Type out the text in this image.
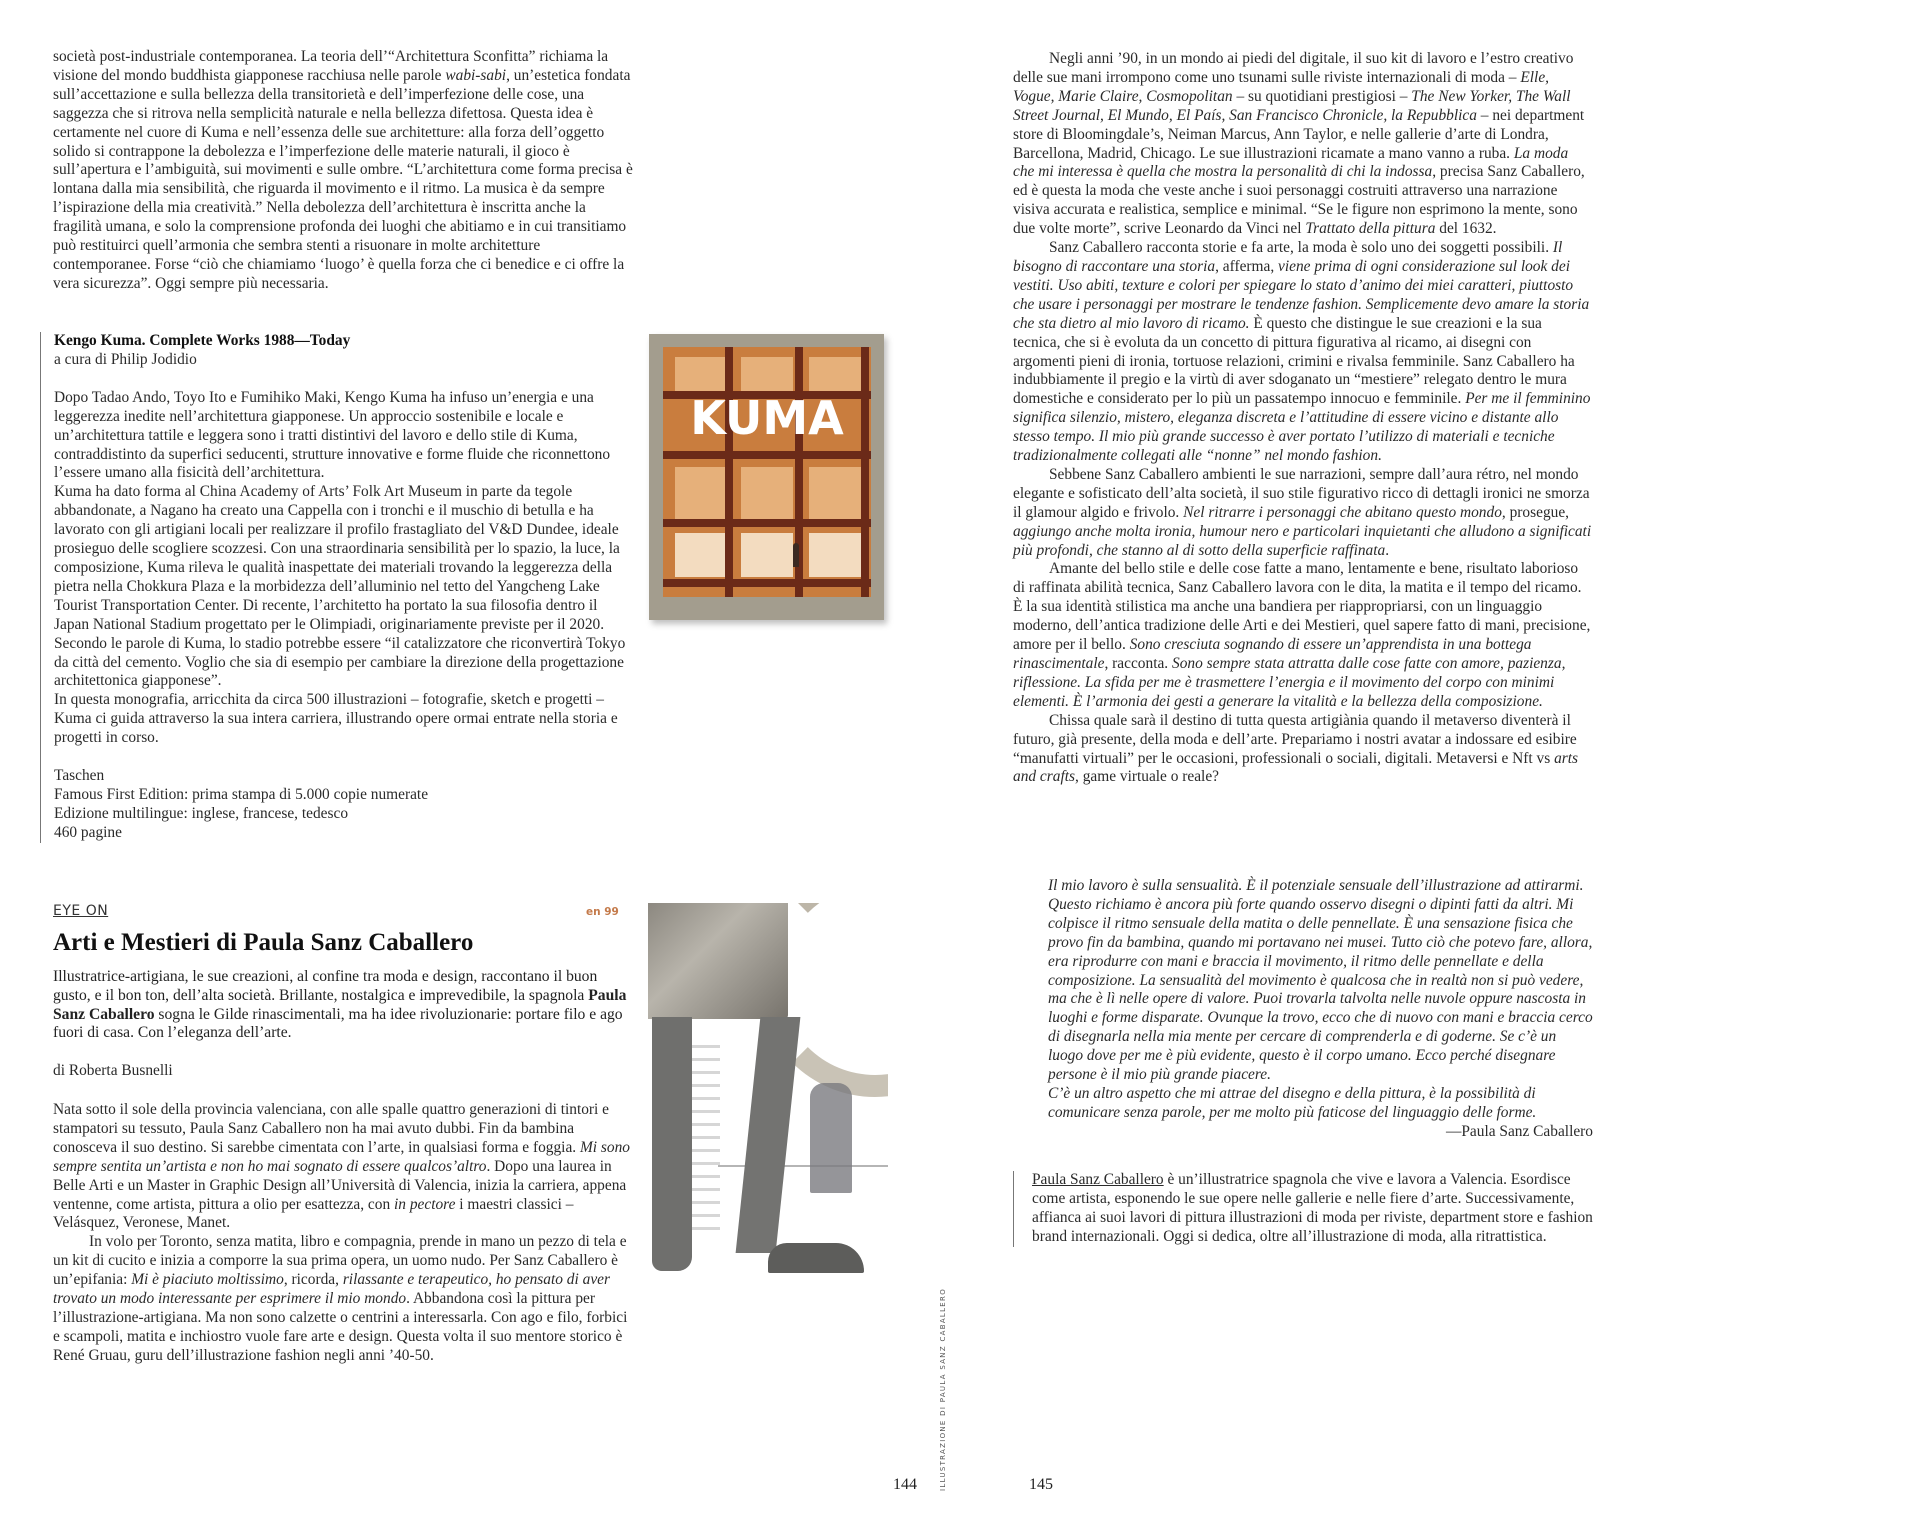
società post-industriale contemporanea. La teoria dell’“Architettura Sconfitta” richiama la visione del mondo buddhista giapponese racchiusa nelle parole wabi-sabi, un’estetica fondata sull’accettazione e sulla bellezza della transitorietà e dell’imperfezione delle cose, una saggezza che si ritrova nella semplicità naturale e nella bellezza difettosa. Questa idea è certamente nel cuore di Kuma e nell’essenza delle sue architetture: alla forza dell’oggetto solido si contrappone la debolezza e l’imperfezione delle materie naturali, il gioco è sull’apertura e l’ambiguità, sui movimenti e sulle ombre. “L’architettura come forma precisa è lontana dalla mia sensibilità, che riguarda il movimento e il ritmo. La musica è da sempre l’ispirazione della mia creatività.” Nella debolezza dell’architettura è inscritta anche la fragilità umana, e solo la comprensione profonda dei luoghi che abitiamo e in cui transitiamo può restituirci quell’armonia che sembra stenti a risuonare in molte architetture contemporanee. Forse “ciò che chiamiamo ‘luogo’ è quella forza che ci benedice e ci offre la vera sicurezza”. Oggi sempre più necessaria.

Kengo Kuma. Complete Works 1988—Today

a cura di Philip Jodidio

Dopo Tadao Ando, Toyo Ito e Fumihiko Maki, Kengo Kuma ha infuso un’energia e una leggerezza inedite nell’architettura giapponese. Un approccio sostenibile e locale e un’architettura tattile e leggera sono i tratti distintivi del lavoro e dello stile di Kuma, contraddistinto da superfici seducenti, strutture innovative e forme fluide che riconnettono l’essere umano alla fisicità dell’architettura.

Kuma ha dato forma al China Academy of Arts’ Folk Art Museum in parte da tegole abbandonate, a Nagano ha creato una Cappella con i tronchi e il muschio di betulla e ha lavorato con gli artigiani locali per realizzare il profilo frastagliato del V&D Dundee, ideale prosieguo delle scogliere scozzesi. Con una straordinaria sensibilità per lo spazio, la luce, la composizione, Kuma rileva le qualità inaspettate dei materiali trovando la leggerezza della pietra nella Chokkura Plaza e la morbidezza dell’alluminio nel tetto del Yangcheng Lake Tourist Transportation Center. Di recente, l’architetto ha portato la sua filosofia dentro il Japan National Stadium progettato per le Olimpiadi, originariamente previste per il 2020. Secondo le parole di Kuma, lo stadio potrebbe essere “il catalizzatore che riconvertirà Tokyo da città del cemento. Voglio che sia di esempio per cambiare la direzione della progettazione architettonica giapponese”.

In questa monografia, arricchita da circa 500 illustrazioni – fotografie, sketch e progetti – Kuma ci guida attraverso la sua intera carriera, illustrando opere ormai entrate nella storia e progetti in corso.

Taschen

Famous First Edition: prima stampa di 5.000 copie numerate

Edizione multilingue: inglese, francese, tedesco

460 pagine

KUMA
EYE ON	en 99
Arti e Mestieri di Paula Sanz Caballero

Illustratrice-artigiana, le sue creazioni, al confine tra moda e design, raccontano il buon gusto, e il bon ton, dell’alta società. Brillante, nostalgica e imprevedibile, la spagnola Paula Sanz Caballero sogna le Gilde rinascimentali, ma ha idee rivoluzionarie: portare filo e ago fuori di casa. Con l’eleganza dell’arte.

di Roberta Busnelli

Nata sotto il sole della provincia valenciana, con alle spalle quattro generazioni di tintori e stampatori su tessuto, Paula Sanz Caballero non ha mai avuto dubbi. Fin da bambina conosceva il suo destino. Si sarebbe cimentata con l’arte, in qualsiasi forma e foggia. Mi sono sempre sentita un’artista e non ho mai sognato di essere qualcos’altro. Dopo una laurea in Belle Arti e un Master in Graphic Design all’Università di Valencia, inizia la carriera, appena ventenne, come artista, pittura a olio per esattezza, con in pectore i maestri classici – Velásquez, Veronese, Manet.

In volo per Toronto, senza matita, libro e compagnia, prende in mano un pezzo di tela e un kit di cucito e inizia a comporre la sua prima opera, un uomo nudo. Per Sanz Caballero è un’epifania: Mi è piaciuto moltissimo, ricorda, rilassante e terapeutico, ho pensato di aver trovato un modo interessante per esprimere il mio mondo. Abbandona così la pittura per l’illustrazione-artigiana. Ma non sono calzette o centrini a interessarla. Con ago e filo, forbici e scampoli, matita e inchiostro vuole fare arte e design. Questa volta il suo mentore storico è René Gruau, guru dell’illustrazione fashion negli anni ’40-50.	ILLUSTRAZIONE DI PAULA SANZ CABALLERO
144	145

Negli anni ’90, in un mondo ai piedi del digitale, il suo kit di lavoro e l’estro creativo delle sue mani irrompono come uno tsunami sulle riviste internazionali di moda – Elle, Vogue, Marie Claire, Cosmopolitan – su quotidiani prestigiosi – The New Yorker, The Wall Street Journal, El Mundo, El País, San Francisco Chronicle, la Repubblica – nei department store di Bloomingdale’s, Neiman Marcus, Ann Taylor, e nelle gallerie d’arte di Londra, Barcellona, Madrid, Chicago. Le sue illustrazioni ricamate a mano vanno a ruba. La moda che mi interessa è quella che mostra la personalità di chi la indossa, precisa Sanz Caballero, ed è questa la moda che veste anche i suoi personaggi costruiti attraverso una narrazione visiva accurata e realistica, semplice e minimal. “Se le figure non esprimono la mente, sono due volte morte”, scrive Leonardo da Vinci nel Trattato della pittura del 1632.

Sanz Caballero racconta storie e fa arte, la moda è solo uno dei soggetti possibili. Il bisogno di raccontare una storia, afferma, viene prima di ogni considerazione sul look dei vestiti. Uso abiti, texture e colori per spiegare lo stato d’animo dei miei caratteri, piuttosto che usare i personaggi per mostrare le tendenze fashion. Semplicemente devo amare la storia che sta dietro al mio lavoro di ricamo. È questo che distingue le sue creazioni e la sua tecnica, che si è evoluta da un concetto di pittura figurativa al ricamo, ai disegni con argomenti pieni di ironia, tortuose relazioni, crimini e rivalsa femminile. Sanz Caballero ha indubbiamente il pregio e la virtù di aver sdoganato un “mestiere” relegato dentro le mura domestiche e considerato per lo più un passatempo innocuo e femminile. Per me il femminino significa silenzio, mistero, eleganza discreta e l’attitudine di essere vicino e distante allo stesso tempo. Il mio più grande successo è aver portato l’utilizzo di materiali e tecniche tradizionalmente collegati alle “nonne” nel mondo fashion.

Sebbene Sanz Caballero ambienti le sue narrazioni, sempre dall’aura rétro, nel mondo elegante e sofisticato dell’alta società, il suo stile figurativo ricco di dettagli ironici ne smorza il glamour algido e frivolo. Nel ritrarre i personaggi che abitano questo mondo, prosegue, aggiungo anche molta ironia, humour nero e particolari inquietanti che alludono a significati più profondi, che stanno al di sotto della superficie raffinata.

Amante del bello stile e delle cose fatte a mano, lentamente e bene, risultato laborioso di raffinata abilità tecnica, Sanz Caballero lavora con le dita, la matita e il tempo del ricamo. È la sua identità stilistica ma anche una bandiera per riappropriarsi, con un linguaggio moderno, dell’antica tradizione delle Arti e dei Mestieri, quel sapere fatto di mani, precisione, amore per il bello. Sono cresciuta sognando di essere un’apprendista in una bottega rinascimentale, racconta. Sono sempre stata attratta dalle cose fatte con amore, pazienza, riflessione. La sfida per me è trasmettere l’energia e il movimento del corpo con minimi elementi. È l’armonia dei gesti a generare la vitalità e la bellezza della composizione.

Chissa quale sarà il destino di tutta questa artigiània quando il metaverso diventerà il futuro, già presente, della moda e dell’arte. Prepariamo i nostri avatar a indossare ed esibire “manufatti virtuali” per le occasioni, professionali o sociali, digitali. Metaversi e Nft vs arts and crafts, game virtuale o reale?

Il mio lavoro è sulla sensualità. È il potenziale sensuale dell’illustrazione ad attirarmi. Questo richiamo è ancora più forte quando osservo disegni o dipinti fatti da altri. Mi colpisce il ritmo sensuale della matita o delle pennellate. È una sensazione fisica che provo fin da bambina, quando mi portavano nei musei. Tutto ciò che potevo fare, allora, era riprodurre con mani e braccia il movimento, il ritmo delle pennellate e della composizione. La sensualità del movimento è qualcosa che in realtà non si può vedere, ma che è lì nelle opere di valore. Puoi trovarla talvolta nelle nuvole oppure nascosta in luoghi e forme disparate. Ovunque la trovo, ecco che di nuovo con mani e braccia cerco di disegnarla nella mia mente per cercare di comprenderla e di goderne. Se c’è un luogo dove per me è più evidente, questo è il corpo umano. Ecco perché disegnare persone è il mio più grande piacere.

C’è un altro aspetto che mi attrae del disegno e della pittura, è la possibilità di comunicare senza parole, per me molto più faticose del linguaggio delle forme.

—Paula Sanz Caballero

Paula Sanz Caballero è un’illustratrice spagnola che vive e lavora a Valencia. Esordisce come artista, esponendo le sue opere nelle gallerie e nelle fiere d’arte. Successivamente, affianca ai suoi lavori di pittura illustrazioni di moda per riviste, department store e fashion brand internazionali. Oggi si dedica, oltre all’illustrazione di moda, alla ritrattistica.
